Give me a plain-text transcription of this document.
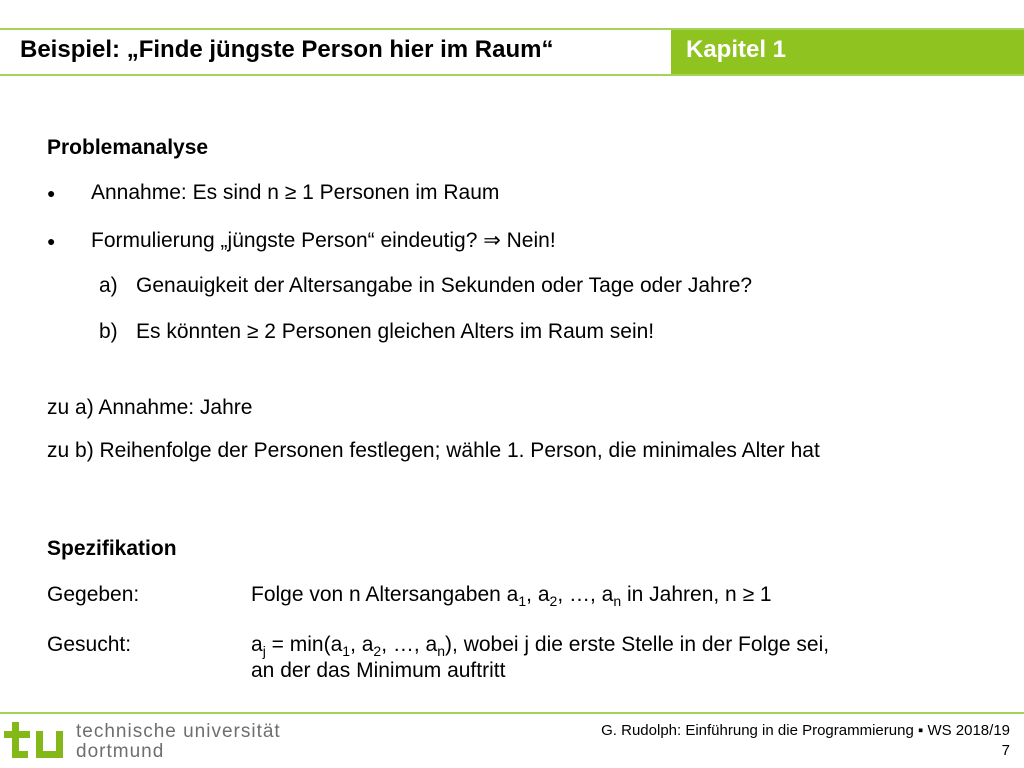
Beispiel: „Finde jüngste Person hier im Raum“	Kapitel 1
Problemanalyse
● Annahme: Es sind n ≥ 1 Personen im Raum
● Formulierung „jüngste Person“ eindeutig? ⇒ Nein!
a) Genauigkeit der Altersangabe in Sekunden oder Tage oder Jahre?
b) Es könnten ≥ 2 Personen gleichen Alters im Raum sein!
zu a) Annahme: Jahre
zu b) Reihenfolge der Personen festlegen; wähle 1. Person, die minimales Alter hat
Spezifikation
Gegeben:	Folge von n Altersangaben $a_1$, $a_2$, …, $a_n$ in Jahren, n ≥ 1
Gesucht:	$a_j = \min(a_1$, $a_2$, …, $a_n$), wobei j die erste Stelle in der Folge sei,
an der das Minimum auftritt
technische universität
dortmund
G. Rudolph: Einführung in die Programmierung ▪ WS 2018/19
7
